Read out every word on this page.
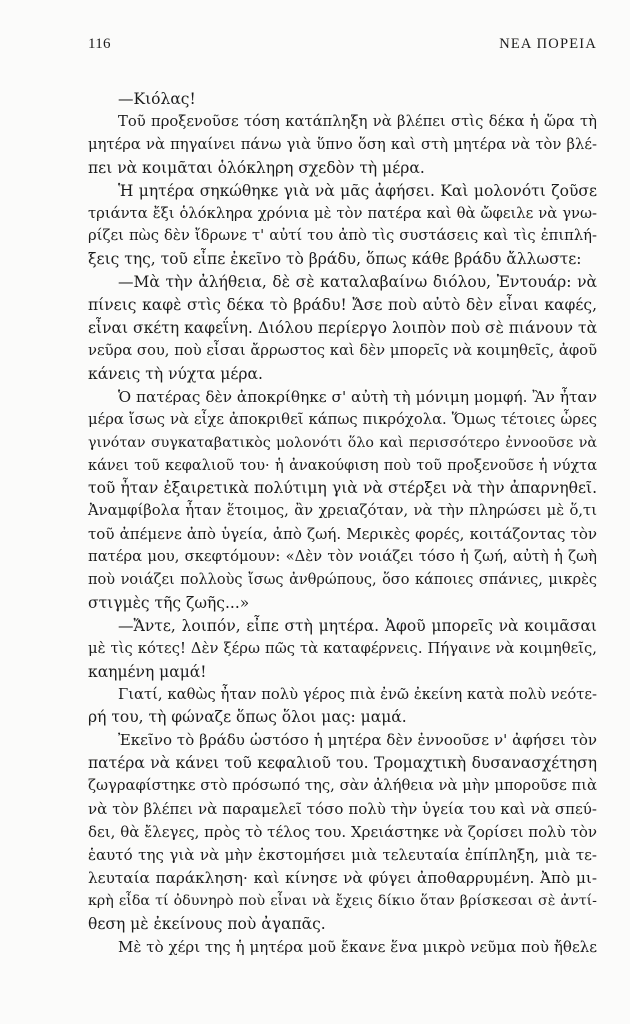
116	ΝΕΑ ΠΟΡΕΙΑ
—Κιόλας!
Τοῦ προξενοῦσε τόση κατάπληξη νὰ βλέπει στὶς δέκα ἡ ὥρα τὴ
μητέρα νὰ πηγαίνει πάνω γιὰ ὕπνο ὅση καὶ στὴ μητέρα νὰ τὸν βλέ-
πει νὰ κοιμᾶται ὁλόκληρη σχεδὸν τὴ μέρα.
Ἡ μητέρα σηκώθηκε γιὰ νὰ μᾶς ἀφήσει. Καὶ μολονότι ζοῦσε
τριάντα ἔξι ὁλόκληρα χρόνια μὲ τὸν πατέρα καὶ θὰ ὤφειλε νὰ γνω-
ρίζει πὼς δὲν ἴδρωνε τ' αὐτί του ἀπὸ τὶς συστάσεις καὶ τὶς ἐπιπλή-
ξεις της, τοῦ εἶπε ἐκεῖνο τὸ βράδυ, ὅπως κάθε βράδυ ἄλλωστε:
—Μὰ τὴν ἀλήθεια, δὲ σὲ καταλαβαίνω διόλου, Ἐντουάρ: νὰ
πίνεις καφὲ στὶς δέκα τὸ βράδυ! Ἄσε ποὺ αὐτὸ δὲν εἶναι καφές,
εἶναι σκέτη καφεΐνη. Διόλου περίεργο λοιπὸν ποὺ σὲ πιάνουν τὰ
νεῦρα σου, ποὺ εἶσαι ἄρρωστος καὶ δὲν μπορεῖς νὰ κοιμηθεῖς, ἀφοῦ
κάνεις τὴ νύχτα μέρα.
Ὁ πατέρας δὲν ἀποκρίθηκε σ' αὐτὴ τὴ μόνιμη μομφή. Ἂν ἦταν
μέρα ἴσως νὰ εἶχε ἀποκριθεῖ κάπως πικρόχολα. Ὅμως τέτοιες ὧρες
γινόταν συγκαταβατικὸς μολονότι ὅλο καὶ περισσότερο ἐννοοῦσε νὰ
κάνει τοῦ κεφαλιοῦ του· ἡ ἀνακούφιση ποὺ τοῦ προξενοῦσε ἡ νύχτα
τοῦ ἦταν ἐξαιρετικὰ πολύτιμη γιὰ νὰ στέρξει νὰ τὴν ἀπαρνηθεῖ.
Ἀναμφίβολα ἦταν ἕτοιμος, ἂν χρειαζόταν, νὰ τὴν πληρώσει μὲ ὅ,τι
τοῦ ἀπέμενε ἀπὸ ὑγεία, ἀπὸ ζωή. Μερικὲς φορές, κοιτάζοντας τὸν
πατέρα μου, σκεφτόμουν: «Δὲν τὸν νοιάζει τόσο ἡ ζωή, αὐτὴ ἡ ζωὴ
ποὺ νοιάζει πολλοὺς ἴσως ἀνθρώπους, ὅσο κάποιες σπάνιες, μικρὲς
στιγμὲς τῆς ζωῆς...»
—Ἄντε, λοιπόν, εἶπε στὴ μητέρα. Ἀφοῦ μπορεῖς νὰ κοιμᾶσαι
μὲ τὶς κότες! Δὲν ξέρω πῶς τὰ καταφέρνεις. Πήγαινε νὰ κοιμηθεῖς,
καημένη μαμά!
Γιατί, καθὼς ἦταν πολὺ γέρος πιὰ ἐνῶ ἐκείνη κατὰ πολὺ νεότε-
ρή του, τὴ φώναζε ὅπως ὅλοι μας: μαμά.
Ἐκεῖνο τὸ βράδυ ὡστόσο ἡ μητέρα δὲν ἐννοοῦσε ν' ἀφήσει τὸν
πατέρα νὰ κάνει τοῦ κεφαλιοῦ του. Τρομαχτικὴ δυσανασχέτηση
ζωγραφίστηκε στὸ πρόσωπό της, σὰν ἀλήθεια νὰ μὴν μποροῦσε πιὰ
νὰ τὸν βλέπει νὰ παραμελεῖ τόσο πολὺ τὴν ὑγεία του καὶ νὰ σπεύ-
δει, θὰ ἔλεγες, πρὸς τὸ τέλος του. Χρειάστηκε νὰ ζορίσει πολὺ τὸν
ἑαυτό της γιὰ νὰ μὴν ἐκστομήσει μιὰ τελευταία ἐπίπληξη, μιὰ τε-
λευταία παράκληση· καὶ κίνησε νὰ φύγει ἀποθαρρυμένη. Ἀπὸ μι-
κρὴ εἶδα τί ὀδυνηρὸ ποὺ εἶναι νὰ ἔχεις δίκιο ὅταν βρίσκεσαι σὲ ἀντί-
θεση μὲ ἐκείνους ποὺ ἀγαπᾶς.
Μὲ τὸ χέρι της ἡ μητέρα μοῦ ἔκανε ἕνα μικρὸ νεῦμα ποὺ ἤθελε
